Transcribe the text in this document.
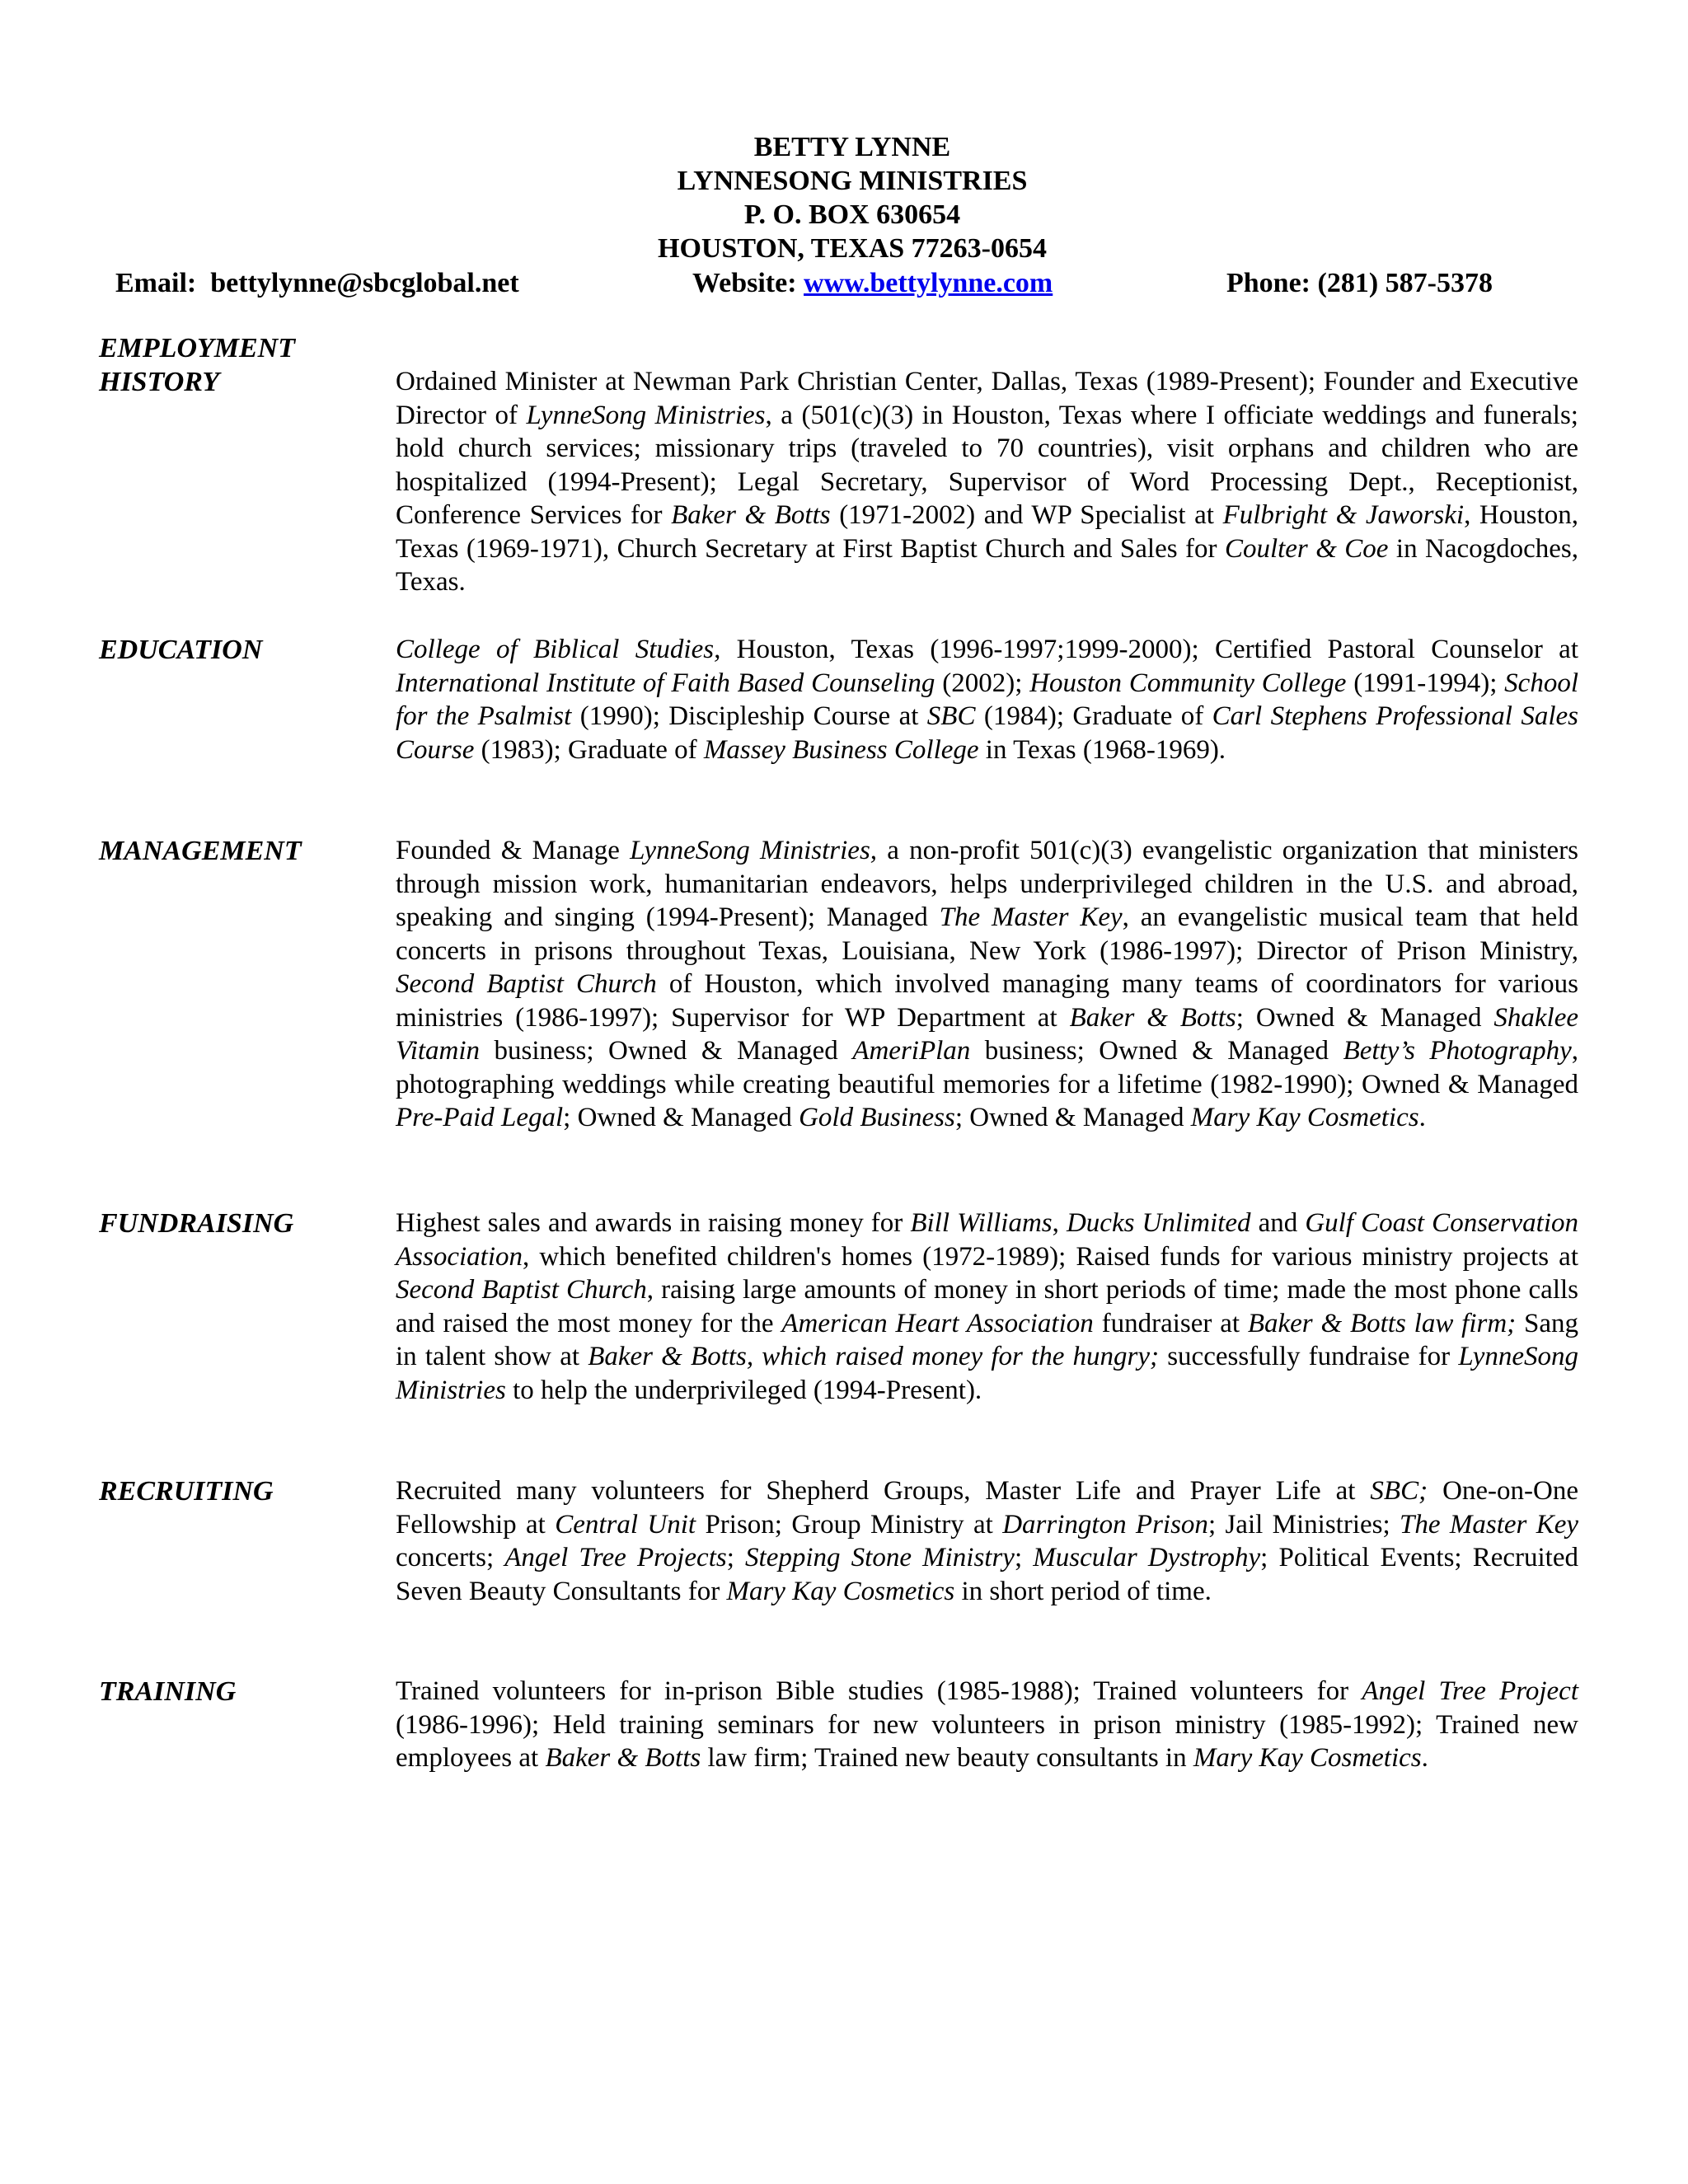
BETTY LYNNE
LYNNESONG MINISTRIES
P. O. BOX 630654
HOUSTON, TEXAS 77263-0654
Email: bettylynne@sbcglobal.net	Website: www.bettylynne.com	Phone: (281) 587-5378
EMPLOYMENT
HISTORY	Ordained Minister at Newman Park Christian Center, Dallas, Texas (1989-Present); Founder and Executive Director of LynneSong Ministries, a (501(c)(3) in Houston, Texas where I officiate weddings and funerals; hold church services; missionary trips (traveled to 70 countries), visit orphans and children who are hospitalized (1994-Present); Legal Secretary, Supervisor of Word Processing Dept., Receptionist, Conference Services for Baker & Botts (1971-2002) and WP Specialist at Fulbright & Jaworski, Houston, Texas (1969-1971), Church Secretary at First Baptist Church and Sales for Coulter & Coe in Nacogdoches, Texas.
EDUCATION	College of Biblical Studies, Houston, Texas (1996-1997;1999-2000); Certified Pastoral Counselor at International Institute of Faith Based Counseling (2002); Houston Community College (1991-1994); School for the Psalmist (1990); Discipleship Course at SBC (1984); Graduate of Carl Stephens Professional Sales Course (1983); Graduate of Massey Business College in Texas (1968-1969).
MANAGEMENT	Founded & Manage LynneSong Ministries, a non-profit 501(c)(3) evangelistic organization that ministers through mission work, humanitarian endeavors, helps underprivileged children in the U.S. and abroad, speaking and singing (1994-Present); Managed The Master Key, an evangelistic musical team that held concerts in prisons throughout Texas, Louisiana, New York (1986-1997); Director of Prison Ministry, Second Baptist Church of Houston, which involved managing many teams of coordinators for various ministries (1986-1997); Supervisor for WP Department at Baker & Botts; Owned & Managed Shaklee Vitamin business; Owned & Managed AmeriPlan business; Owned & Managed Betty’s Photography, photographing weddings while creating beautiful memories for a lifetime (1982-1990); Owned & Managed Pre-Paid Legal; Owned & Managed Gold Business; Owned & Managed Mary Kay Cosmetics.
FUNDRAISING	Highest sales and awards in raising money for Bill Williams, Ducks Unlimited and Gulf Coast Conservation Association, which benefited children's homes (1972-1989); Raised funds for various ministry projects at Second Baptist Church, raising large amounts of money in short periods of time; made the most phone calls and raised the most money for the American Heart Association fundraiser at Baker & Botts law firm; Sang in talent show at Baker & Botts, which raised money for the hungry; successfully fundraise for LynneSong Ministries to help the underprivileged (1994-Present).
RECRUITING	Recruited many volunteers for Shepherd Groups, Master Life and Prayer Life at SBC; One-on-One Fellowship at Central Unit Prison; Group Ministry at Darrington Prison; Jail Ministries; The Master Key concerts; Angel Tree Projects; Stepping Stone Ministry; Muscular Dystrophy; Political Events; Recruited Seven Beauty Consultants for Mary Kay Cosmetics in short period of time.
TRAINING	Trained volunteers for in-prison Bible studies (1985-1988); Trained volunteers for Angel Tree Project (1986-1996); Held training seminars for new volunteers in prison ministry (1985-1992); Trained new employees at Baker & Botts law firm; Trained new beauty consultants in Mary Kay Cosmetics.
